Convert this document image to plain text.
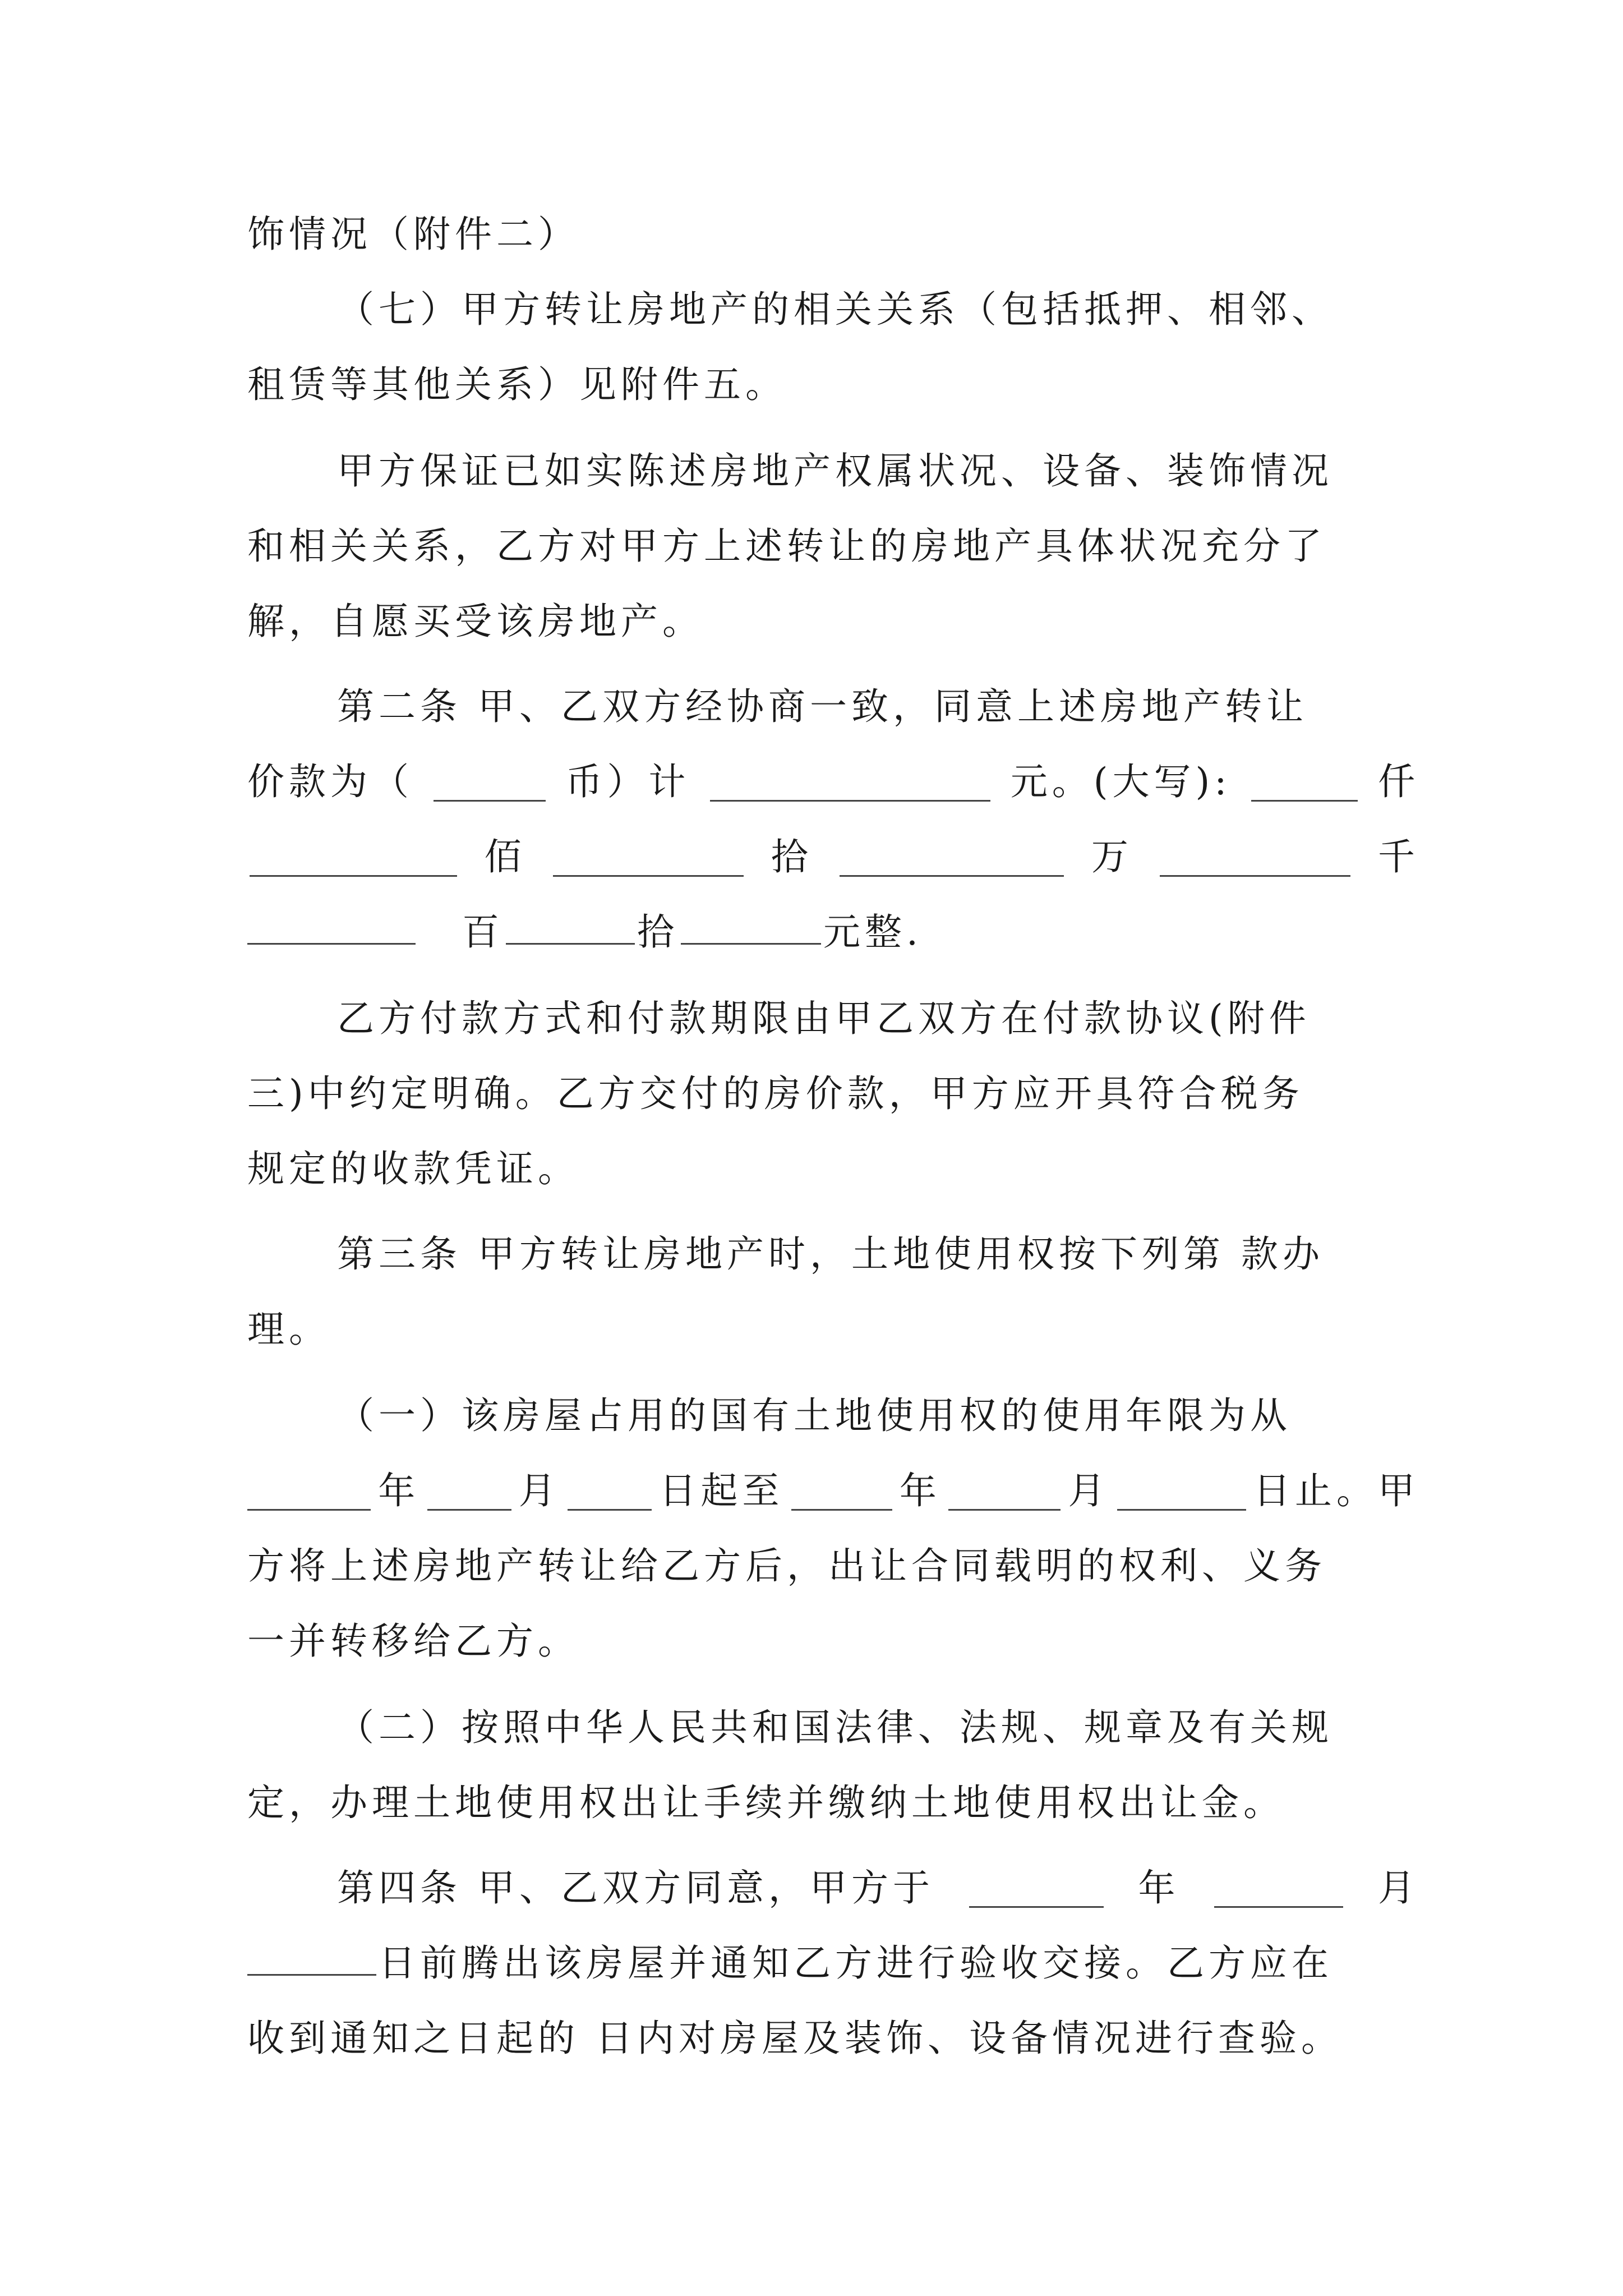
饰情况（附件二）
（七）甲方转让房地产的相关关系（包括抵押、相邻、
租赁等其他关系）见附件五。
甲方保证已如实陈述房地产权属状况、设备、装饰情况
和相关关系，乙方对甲方上述转让的房地产具体状况充分了
解，自愿买受该房地产。
第二条 甲、乙双方经协商一致，同意上述房地产转让
价款为（	币）计	元。(大写):	仟
佰	拾	万	千
百	拾	元整.
乙方付款方式和付款期限由甲乙双方在付款协议(附件
三)中约定明确。乙方交付的房价款，甲方应开具符合税务
规定的收款凭证。
第三条 甲方转让房地产时，土地使用权按下列第 款办
理。
（一）该房屋占用的国有土地使用权的使用年限为从
年	月	日起至	年	月	日止。甲
方将上述房地产转让给乙方后，出让合同载明的权利、义务
一并转移给乙方。
（二）按照中华人民共和国法律、法规、规章及有关规
定，办理土地使用权出让手续并缴纳土地使用权出让金。
第四条 甲、乙双方同意，甲方于	年	月
日前腾出该房屋并通知乙方进行验收交接。乙方应在
收到通知之日起的 日内对房屋及装饰、设备情况进行查验。
